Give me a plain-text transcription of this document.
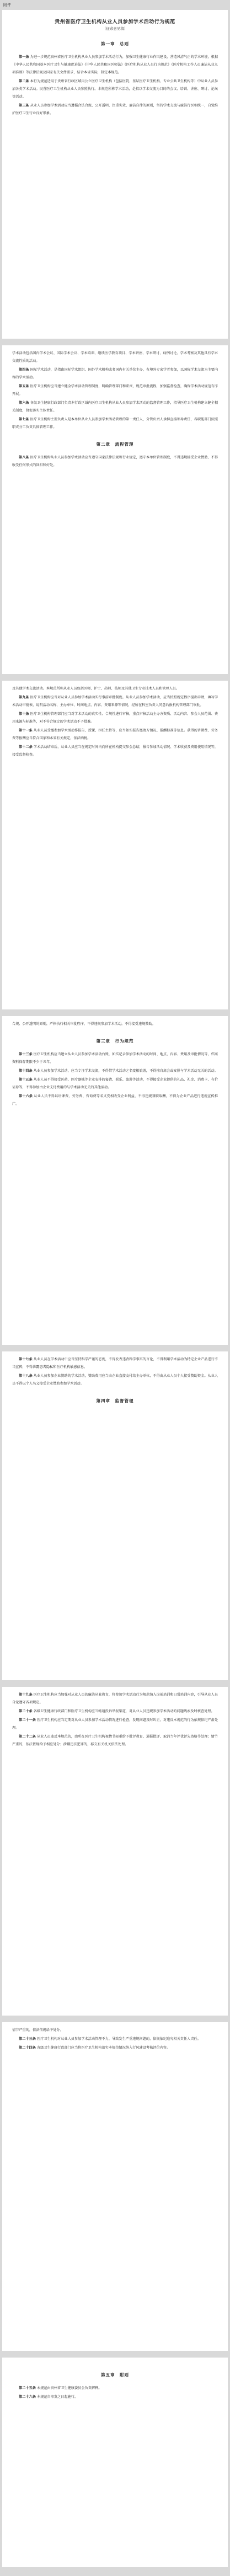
附件
贵州省医疗卫生机构从业人员参加学术活动行为规范
（征求意见稿）
第一章　总则

第一条 为进一步规范贵州省医疗卫生机构从业人员参加学术活动行为，加强卫生健康行业作风建设，营造风清气正的学术环境，根据《中华人民共和国基本医疗卫生与健康促进法》《中华人民共和国医师法》《医疗机构从业人员行为规范》《医疗机构工作人员廉洁从业九项准则》等法律法规及国家有关文件要求，结合本省实际，制定本规范。

第二条 本行为规范适用于贵州省行政区域内公立医疗卫生机构（包括医院、基层医疗卫生机构、专业公共卫生机构等）中从业人员参加各类学术活动。民营医疗卫生机构从业人员参照执行。本规范所称学术活动，是指以学术交流为目的的会议、培训、讲座、研讨、论坛等活动。

第三条 从业人员参加学术活动应当遵循合法合规、公开透明、注重实效、廉洁自律的原则，坚持学术交流与廉洁行医相统一，自觉维护医疗卫生行业良好形象。

学术活动包括国内学术会议、国际学术会议、学术培训、继续医学教育项目、学术讲座、学术研讨、病例讨论、学术考察及其他具有学术交流性质的活动。

第四条 国际学术活动，是指由国际学术组织、国外学术机构或者国内有关单位主办，有境外专家学者参加，以国际学术交流为主要内容的学术活动。

第五条 医疗卫生机构应当建立健全学术活动管理制度，明确管理部门和职责，规范审批流程，加强监督检查，确保学术活动规范有序开展。

第六条 各级卫生健康行政部门负责本行政区域内医疗卫生机构从业人员参加学术活动的监督管理工作，指导医疗卫生机构建立健全相关制度，督促落实主体责任。

第七条 医疗卫生机构主要负责人是本单位从业人员参加学术活动管理的第一责任人，分管负责人承担直接领导责任，各职能部门按照职责分工负责具体管理工作。

第二章　流程管理

第八条 医疗卫生机构从业人员参加学术活动应当遵守国家法律法规和行业规定，遵守本单位管理制度，不得违规接受企业赞助、不得收受任何形式的回扣和好处。

及其他学术交流活动。本规范所称从业人员包括医师、护士、药师、技师及其他卫生专业技术人员和管理人员。

第九条 医疗卫生机构应当对从业人员参加学术活动实行事前审批制度。从业人员参加学术活动，应当按照规定程序提出申请，填写学术活动审批表，说明活动名称、主办单位、时间地点、内容、费用来源等情况，经所在科室负责人同意后报机构管理部门审批。

第十条 医疗卫生机构管理部门应当对学术活动的真实性、合规性进行审核，重点审核活动主办方资质、活动内容、参会人员范围、费用来源与标准等，对不符合规定的学术活动不予批准。

第十一条 从业人员受邀参加学术活动作报告、授课、担任主持等，应当如实报告邀请方情况、报酬标准等信息。获得的讲课费、劳务费等报酬应当符合国家和本省有关规定，依法纳税。

第十二条 学术活动结束后，从业人员应当在规定时间内向所在机构提交参会总结，报告参加活动情况、学术收获及费用使用情况等，接受监督检查。

合规、公开透明的原则，严格执行相关审批程序，不得违规参加学术活动，不得接受违规赞助。

第三章　行为规范

第十三条 医疗卫生机构应当建立从业人员参加学术活动台账，如实记录参加学术活动的时间、地点、内容、费用及审批情况等，档案资料保存期限不少于五年。

第十四条 从业人员参加学术活动，应当专注学术交流，不得借学术活动之名变相旅游，不得擅自离会或安排与学术活动无关的活动。

第十五条 从业人员不得接受医药、医疗器械等企业安排的宴请、娱乐、旅游等活动，不得接受企业提供的礼品、礼金、消费卡、有价证券等，不得参加由企业支付费用的与学术活动无关的其他活动。

第十六条 从业人员不得以讲课费、劳务费、咨询费等名义变相收受企业利益，不得违规兼职取酬，不得为企业产品进行违规宣传推广。

第十七条 从业人员在学术活动中应当坚持科学严谨的态度，不得发表违背科学事实的言论，不得利用学术活动为特定企业产品进行不当宣传，不得泄露患者隐私和医疗机构敏感信息。

第十八条 从业人员参加企业赞助的学术活动，赞助费用应当由企业直接支付给主办单位，不得由从业人员个人接受赞助资金。从业人员不得以个人名义接受企业赞助参加学术活动。

第四章　监督管理

第十九条 医疗卫生机构应当加强对从业人员的廉洁从业教育，将参加学术活动行为规范纳入岗前培训和日常培训内容，引导从业人员自觉遵守各项规定。

第二十条 各级卫生健康行政部门和医疗卫生机构应当畅通投诉举报渠道，对从业人员违规参加学术活动的问题线索及时核查处理。

第二十一条 医疗卫生机构应当定期对从业人员参加学术活动情况进行检查，发现问题及时纠正，对违反本规范的行为依规依纪严肃处理。

第二十二条 从业人员违反本规范的，由所在医疗卫生机构视情节轻重给予批评教育、通报批评、取消当年评优评先资格等处理；情节严重的，依法依规给予相应处分；涉嫌违法犯罪的，移交有关机关依法处理。

情节严重的，依法依规给予处分。

第二十三条 医疗卫生机构对从业人员参加学术活动管理不力，导致发生严重违规问题的，依规依纪追究相关责任人责任。

第二十四条 各级卫生健康行政部门应当将医疗卫生机构落实本规范情况纳入行风建设考核评价内容。

第五章　附则

第二十五条 本规范由贵州省卫生健康委员会负责解释。

第二十六条 本规范自印发之日起施行。
